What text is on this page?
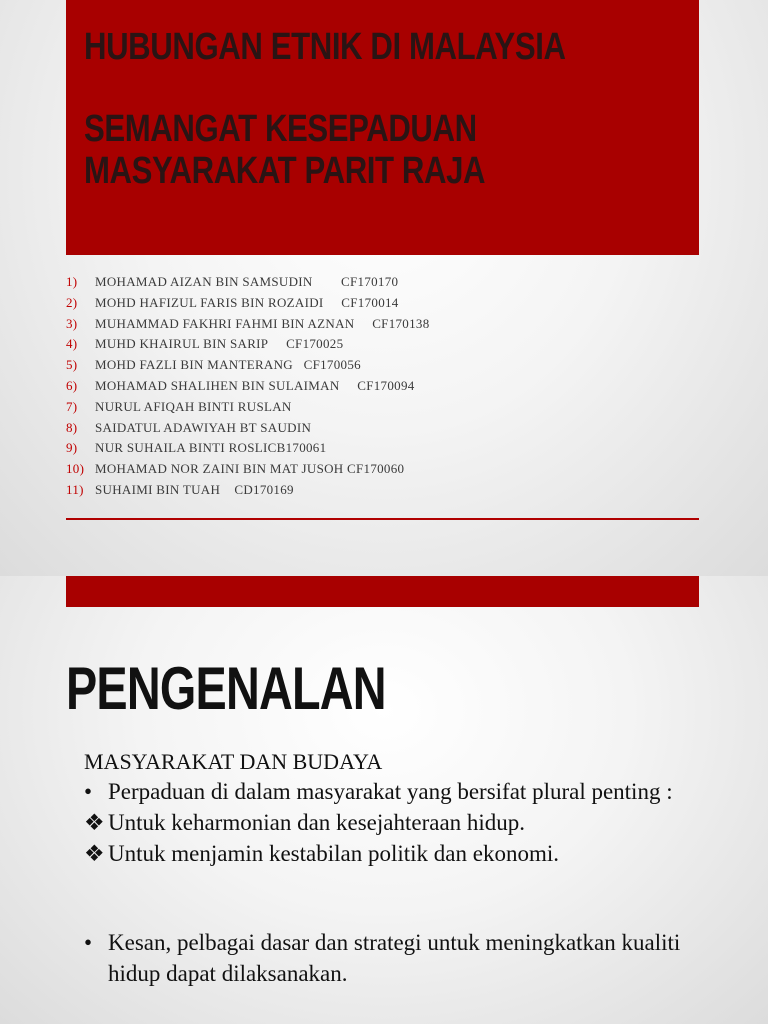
HUBUNGAN ETNIK DI MALAYSIA
SEMANGAT KESEPADUAN
MASYARAKAT PARIT RAJA
1)	MOHAMAD AIZAN BIN SAMSUDIN        CF170170
2)	MOHD HAFIZUL FARIS BIN ROZAIDI     CF170014
3)	MUHAMMAD FAKHRI FAHMI BIN AZNAN     CF170138
4)	MUHD KHAIRUL BIN SARIP     CF170025
5)	MOHD FAZLI BIN MANTERANG   CF170056
6)	MOHAMAD SHALIHEN BIN SULAIMAN     CF170094
7)	NURUL AFIQAH BINTI RUSLAN
8)	SAIDATUL ADAWIYAH BT SAUDIN
9)	NUR SUHAILA BINTI ROSLICB170061
10) MOHAMAD NOR ZAINI BIN MAT JUSOH CF170060
11) SUHAIMI BIN TUAH    CD170169
PENGENALAN
MASYARAKAT DAN BUDAYA
• Perpaduan di dalam masyarakat yang bersifat plural penting :
❖ Untuk keharmonian dan kesejahteraan hidup.
❖ Untuk menjamin kestabilan politik dan ekonomi.
• Kesan, pelbagai dasar dan strategi untuk meningkatkan kualiti hidup dapat dilaksanakan.
